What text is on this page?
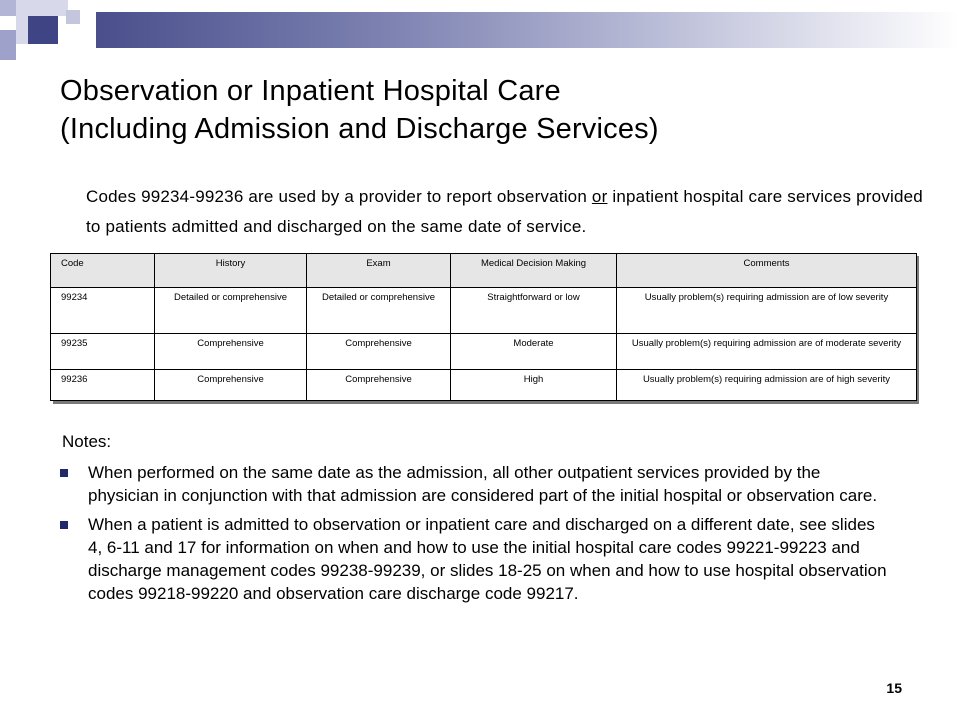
Observation or Inpatient Hospital Care
(Including Admission and Discharge Services)

Codes 99234-99236 are used by a provider to report observation or inpatient hospital care services provided to patients admitted and discharged on the same date of service.

Code	History	Exam	Medical Decision Making	Comments
99234	Detailed or comprehensive	Detailed or comprehensive	Straightforward or low	Usually problem(s) requiring admission are of low severity
99235	Comprehensive	Comprehensive	Moderate	Usually problem(s) requiring admission are of moderate severity
99236	Comprehensive	Comprehensive	High	Usually problem(s) requiring admission are of high severity
Notes:
When performed on the same date as the admission, all other outpatient services provided by the physician in conjunction with that admission are considered part of the initial hospital or observation care.
When a patient is admitted to observation or inpatient care and discharged on a different date, see slides 4, 6-11 and 17 for information on when and how to use the initial hospital care codes 99221-99223 and discharge management codes 99238-99239, or slides 18-25 on when and how to use hospital observation codes 99218-99220 and observation care discharge code 99217.
15
